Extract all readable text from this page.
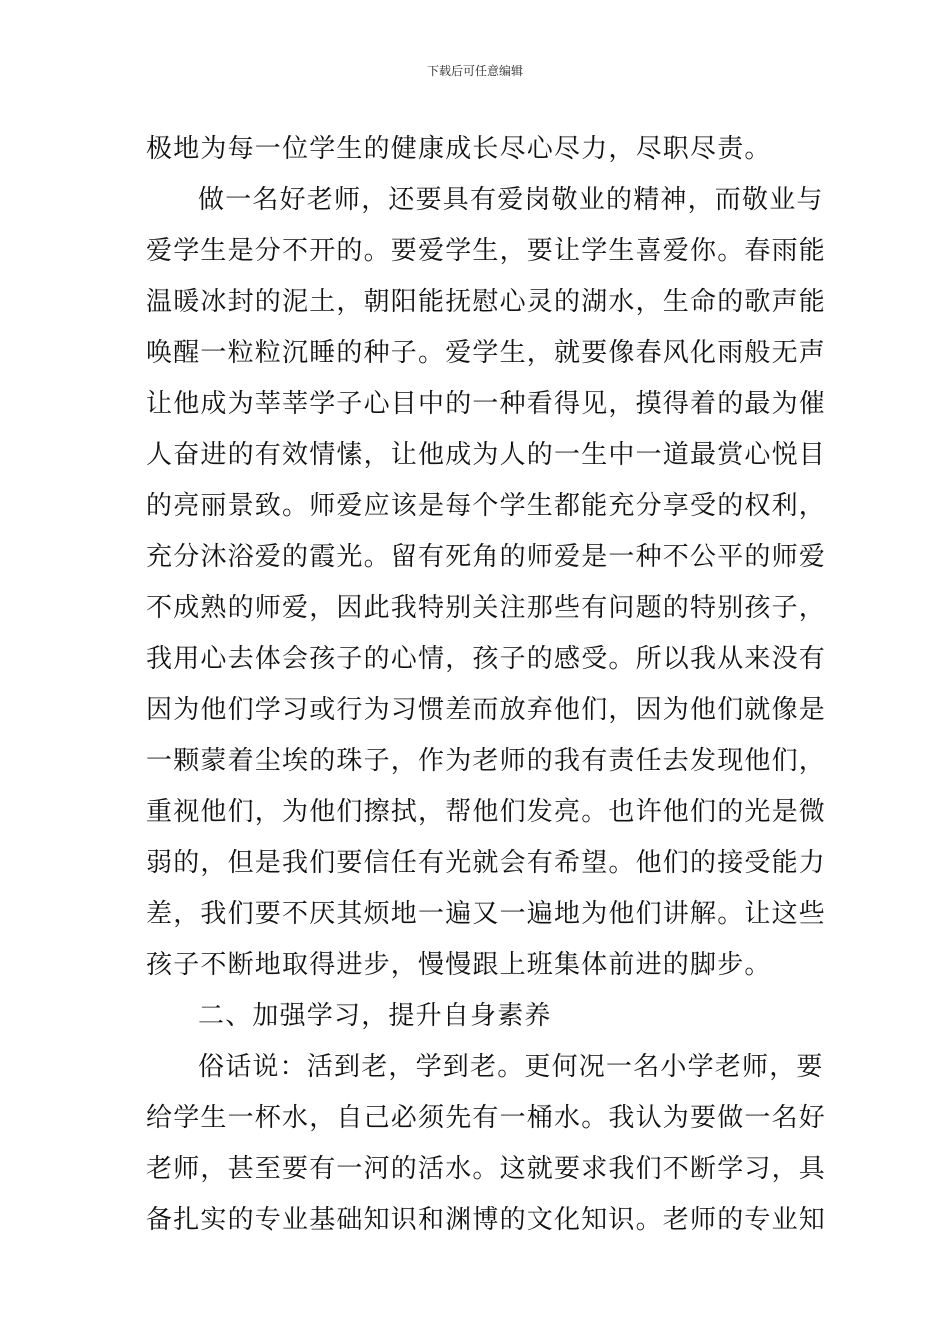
下载后可任意编辑
极地为每一位学生的健康成长尽心尽力，尽职尽责。
做一名好老师，还要具有爱岗敬业的精神，而敬业与
爱学生是分不开的。要爱学生，要让学生喜爱你。春雨能
温暖冰封的泥土，朝阳能抚慰心灵的湖水，生命的歌声能
唤醒一粒粒沉睡的种子。爱学生，就要像春风化雨般无声
让他成为莘莘学子心目中的一种看得见，摸得着的最为催
人奋进的有效情愫，让他成为人的一生中一道最赏心悦目
的亮丽景致。师爱应该是每个学生都能充分享受的权利，
充分沐浴爱的霞光。留有死角的师爱是一种不公平的师爱
不成熟的师爱，因此我特别关注那些有问题的特别孩子，
我用心去体会孩子的心情，孩子的感受。所以我从来没有
因为他们学习或行为习惯差而放弃他们，因为他们就像是
一颗蒙着尘埃的珠子，作为老师的我有责任去发现他们，
重视他们，为他们擦拭，帮他们发亮。也许他们的光是微
弱的，但是我们要信任有光就会有希望。他们的接受能力
差，我们要不厌其烦地一遍又一遍地为他们讲解。让这些
孩子不断地取得进步，慢慢跟上班集体前进的脚步。
二、加强学习，提升自身素养
俗话说：活到老，学到老。更何况一名小学老师，要
给学生一杯水，自己必须先有一桶水。我认为要做一名好
老师，甚至要有一河的活水。这就要求我们不断学习，具
备扎实的专业基础知识和渊博的文化知识。老师的专业知
